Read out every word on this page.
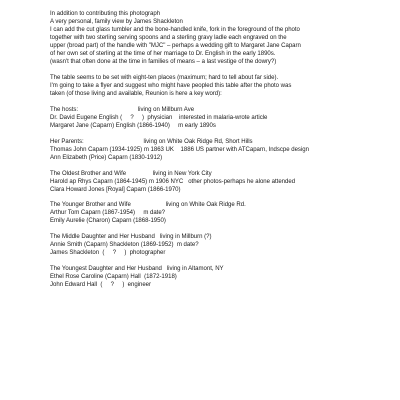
In addition to contributing this photograph
A very personal, family view by James Shackleton
I can add the cut glass tumbler and the bone-handled knife, fork in the foreground of the photo
together with two sterling serving spoons and a sterling gravy ladle each engraved on the
upper (broad part) of the handle with "MJC" – perhaps a wedding gift to Margaret Jane Caparn
of her own set of sterling at the time of her marriage to Dr. English in the early 1890s.
(wasn't that often done at the time in families of means – a last vestige of the dowry?)
The table seems to be set with eight-ten places (maximum; hard to tell about far side).
I'm going to take a flyer and suggest who might have peopled this table after the photo was
taken (of those living and available, Reunion is here a key word):
The hosts:                                    living on Millburn Ave
Dr. David Eugene English (     ?     )  physician    interested in malaria-wrote article
Margaret Jane (Caparn) English (1866-1940)     m early 1890s
Her Parents:                                    living on White Oak Ridge Rd, Short Hills
Thomas John Caparn (1934-1925) m 1863 UK    1886 US partner with ATCaparn, Indscpe design
Ann Elizabeth (Price) Caparn (1830-1912)
The Oldest Brother and Wife                living in New York City
Harold ap Rhys Caparn (1864-1945) m 1906 NYC   other photos-perhaps he alone attended
Clara Howard Jones [Royal] Caparn (1866-1970)
The Younger Brother and Wife                     living on White Oak Ridge Rd.
Arthur Tom Caparn (1867-1954)     m date?
Emily Aurelie (Charon) Caparn (1868-1950)
The Middle Daughter and Her Husband   living in Millburn (?)
Annie Smith (Caparn) Shackleton (1869-1952)  m date?
James Shackleton  (     ?     )  photographer
The Youngest Daughter and Her Husband   living in Altamont, NY
Ethel Rose Caroline (Caparn) Hall  (1872-1918)
John Edward Hall  (     ?     )  engineer
